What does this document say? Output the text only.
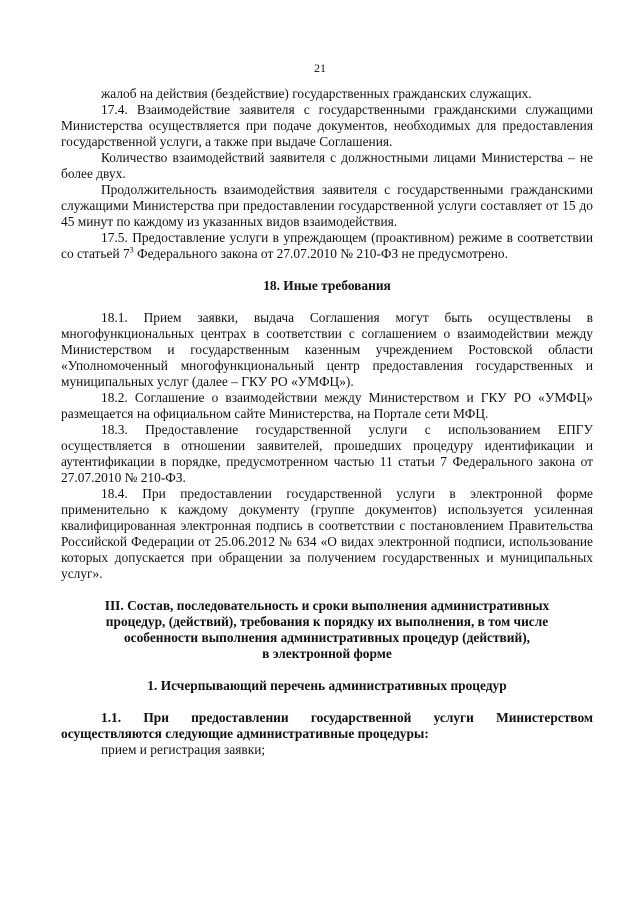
21

жалоб на действия (бездействие) государственных гражданских служащих.

17.4. Взаимодействие заявителя с государственными гражданскими служащими Министерства осуществляется при подаче документов, необходимых для предоставления государственной услуги, а также при выдаче Соглашения.

Количество взаимодействий заявителя с должностными лицами Министерства – не более двух.

Продолжительность взаимодействия заявителя с государственными гражданскими служащими Министерства при предоставлении государственной услуги составляет от 15 до 45 минут по каждому из указанных видов взаимодействия.

17.5. Предоставление услуги в упреждающем (проактивном) режиме в соответствии со статьей $7^3$ Федерального закона от 27.07.2010 № 210-ФЗ не предусмотрено.

18. Иные требования

18.1. Прием заявки, выдача Соглашения могут быть осуществлены в многофункциональных центрах в соответствии с соглашением о взаимодействии между Министерством и государственным казенным учреждением Ростовской области «Уполномоченный многофункциональный центр предоставления государственных и муниципальных услуг (далее – ГКУ РО «УМФЦ»).

18.2. Соглашение о взаимодействии между Министерством и ГКУ РО «УМФЦ» размещается на официальном сайте Министерства, на Портале сети МФЦ.

18.3. Предоставление государственной услуги с использованием ЕПГУ осуществляется в отношении заявителей, прошедших процедуру идентификации и аутентификации в порядке, предусмотренном частью 11 статьи 7 Федерального закона от 27.07.2010 № 210-ФЗ.

18.4. При предоставлении государственной услуги в электронной форме применительно к каждому документу (группе документов) используется усиленная квалифицированная электронная подпись в соответствии с постановлением Правительства Российской Федерации от 25.06.2012 № 634 «О видах электронной подписи, использование которых допускается при обращении за получением государственных и муниципальных услуг».

III. Состав, последовательность и сроки выполнения административных

процедур, (действий), требования к порядку их выполнения, в том числе

особенности выполнения административных процедур (действий),

в электронной форме

1. Исчерпывающий перечень административных процедур

1.1. При предоставлении государственной услуги Министерством осуществляются следующие административные процедуры:

прием и регистрация заявки;
